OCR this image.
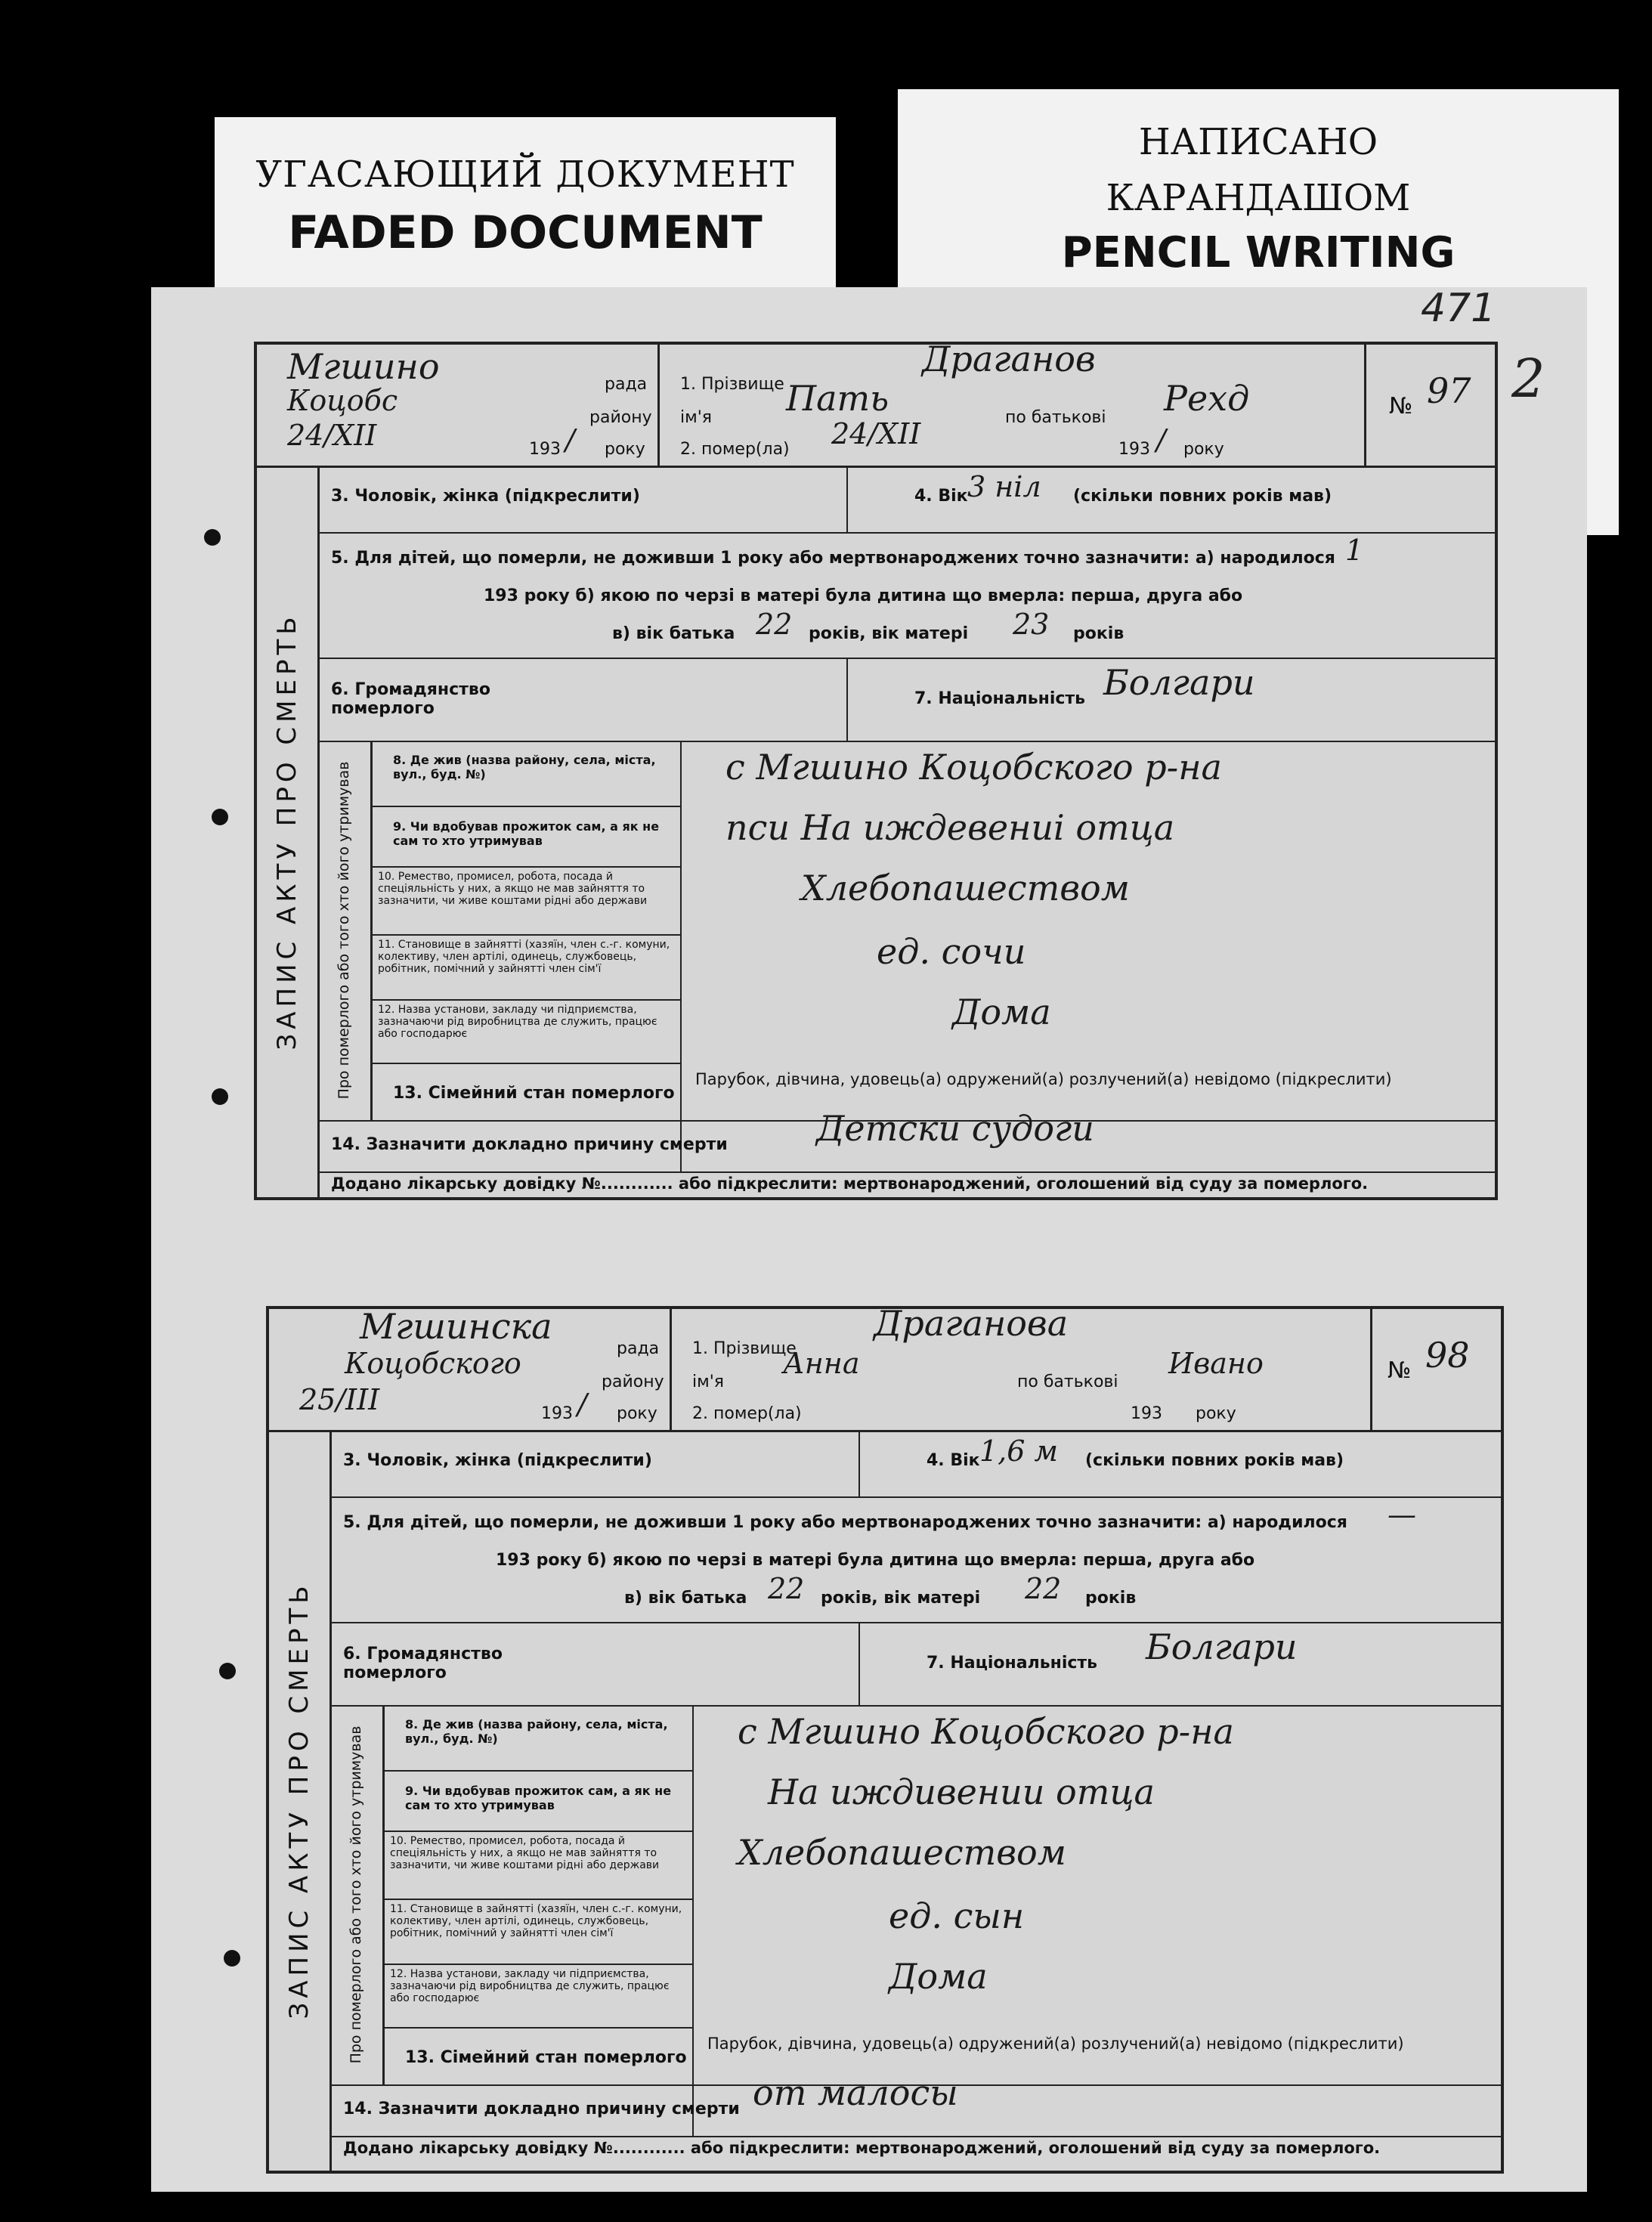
УГАСАЮЩИЙ ДОКУМЕНТ
FADED DOCUMENT
НАПИСАНО
КАРАНДАШОМ
PENCIL WRITING
471
2
Мгшино	рада
Коцобс
району
24/XII	193 / року
1. Прізвище
Драганов
ім'я Пать	по батькові Рехд
2. помер(ла) 24/XII	193 / року
№ 97
ЗАПИС АКТУ ПРО СМЕРТЬ
3. Чоловік, жінка (підкреслити)	4. Вік 3 ніл (скільки повних років мав)
5. Для дітей, що померли, не доживши 1 року або мертвонароджених точно зазначити: а) народилося 1
193 року б) якою по черзі в матері була дитина що вмерла: перша, друга або
в) вік батька 22 років, вік матері 23 років
6. Громадянство померлого
7. Національність Болгари
Про померлого або того хто його утримував
8. Де жив (назва району, села, міста, вул., буд. №)	с Мгшино Коцобского р-на
9. Чи вдобував прожиток сам, а як не сам то хто утримував	пси На иждевениі отца
10. Ремество, промисел, робота, посада й спеціяльність у них, а якщо не мав зайняття то зазначити, чи живе коштами рідні або держави	Хлебопашеством
11. Становище в зайнятті (хазяїн, член с.-г. комуни, колективу, член артілі, одинець, службовець, робітник, помічний у зайнятті член сім'ї	ед. сочи
12. Назва установи, закладу чи підприємства, зазначаючи рід виробництва де служить, працює або господарює
Дома
13. Сімейний стан померлого
Парубок, дівчина, удовець(а) одружений(а) розлучений(а) невідомо (підкреслити)
14. Зазначити докладно причину смерти	Детски судоги
Додано лікарську довідку №............ або підкреслити: мертвонароджений, оголошений від суду за померлого.
Мгшинска
рада
Коцобского
району
25/III	193 / року
1. Прізвище
Драганова
ім'я
Анна
по батькові
Ивано
2. помер(ла)	193 року
№ 98
ЗАПИС АКТУ ПРО СМЕРТЬ
3. Чоловік, жінка (підкреслити)	4. Вік 1,6 м (скільки повних років мав)
5. Для дітей, що померли, не доживши 1 року або мертвонароджених точно зазначити: а) народилося —
193 року б) якою по черзі в матері була дитина що вмерла: перша, друга або
в) вік батька 22 років, вік матері 22 років
6. Громадянство померлого
7. Національність Болгари
Про померлого або того хто його утримував
8. Де жив (назва району, села, міста, вул., буд. №)	с Мгшино Коцобского р-на
9. Чи вдобував прожиток сам, а як не сам то хто утримував	На иждивении отца
10. Ремество, промисел, робота, посада й спеціяльність у них, а якщо не мав зайняття то зазначити, чи живе коштами рідні або держави	Хлебопашеством
11. Становище в зайнятті (хазяїн, член с.-г. комуни, колективу, член артілі, одинець, службовець, робітник, помічний у зайнятті член сім'ї	ед. сын
12. Назва установи, закладу чи підприємства, зазначаючи рід виробництва де служить, працює або господарює
Дома
13. Сімейний стан померлого
Парубок, дівчина, удовець(а) одружений(а) розлучений(а) невідомо (підкреслити)
14. Зазначити докладно причину смерти от малосы
Додано лікарську довідку №............ або підкреслити: мертвонароджений, оголошений від суду за померлого.
